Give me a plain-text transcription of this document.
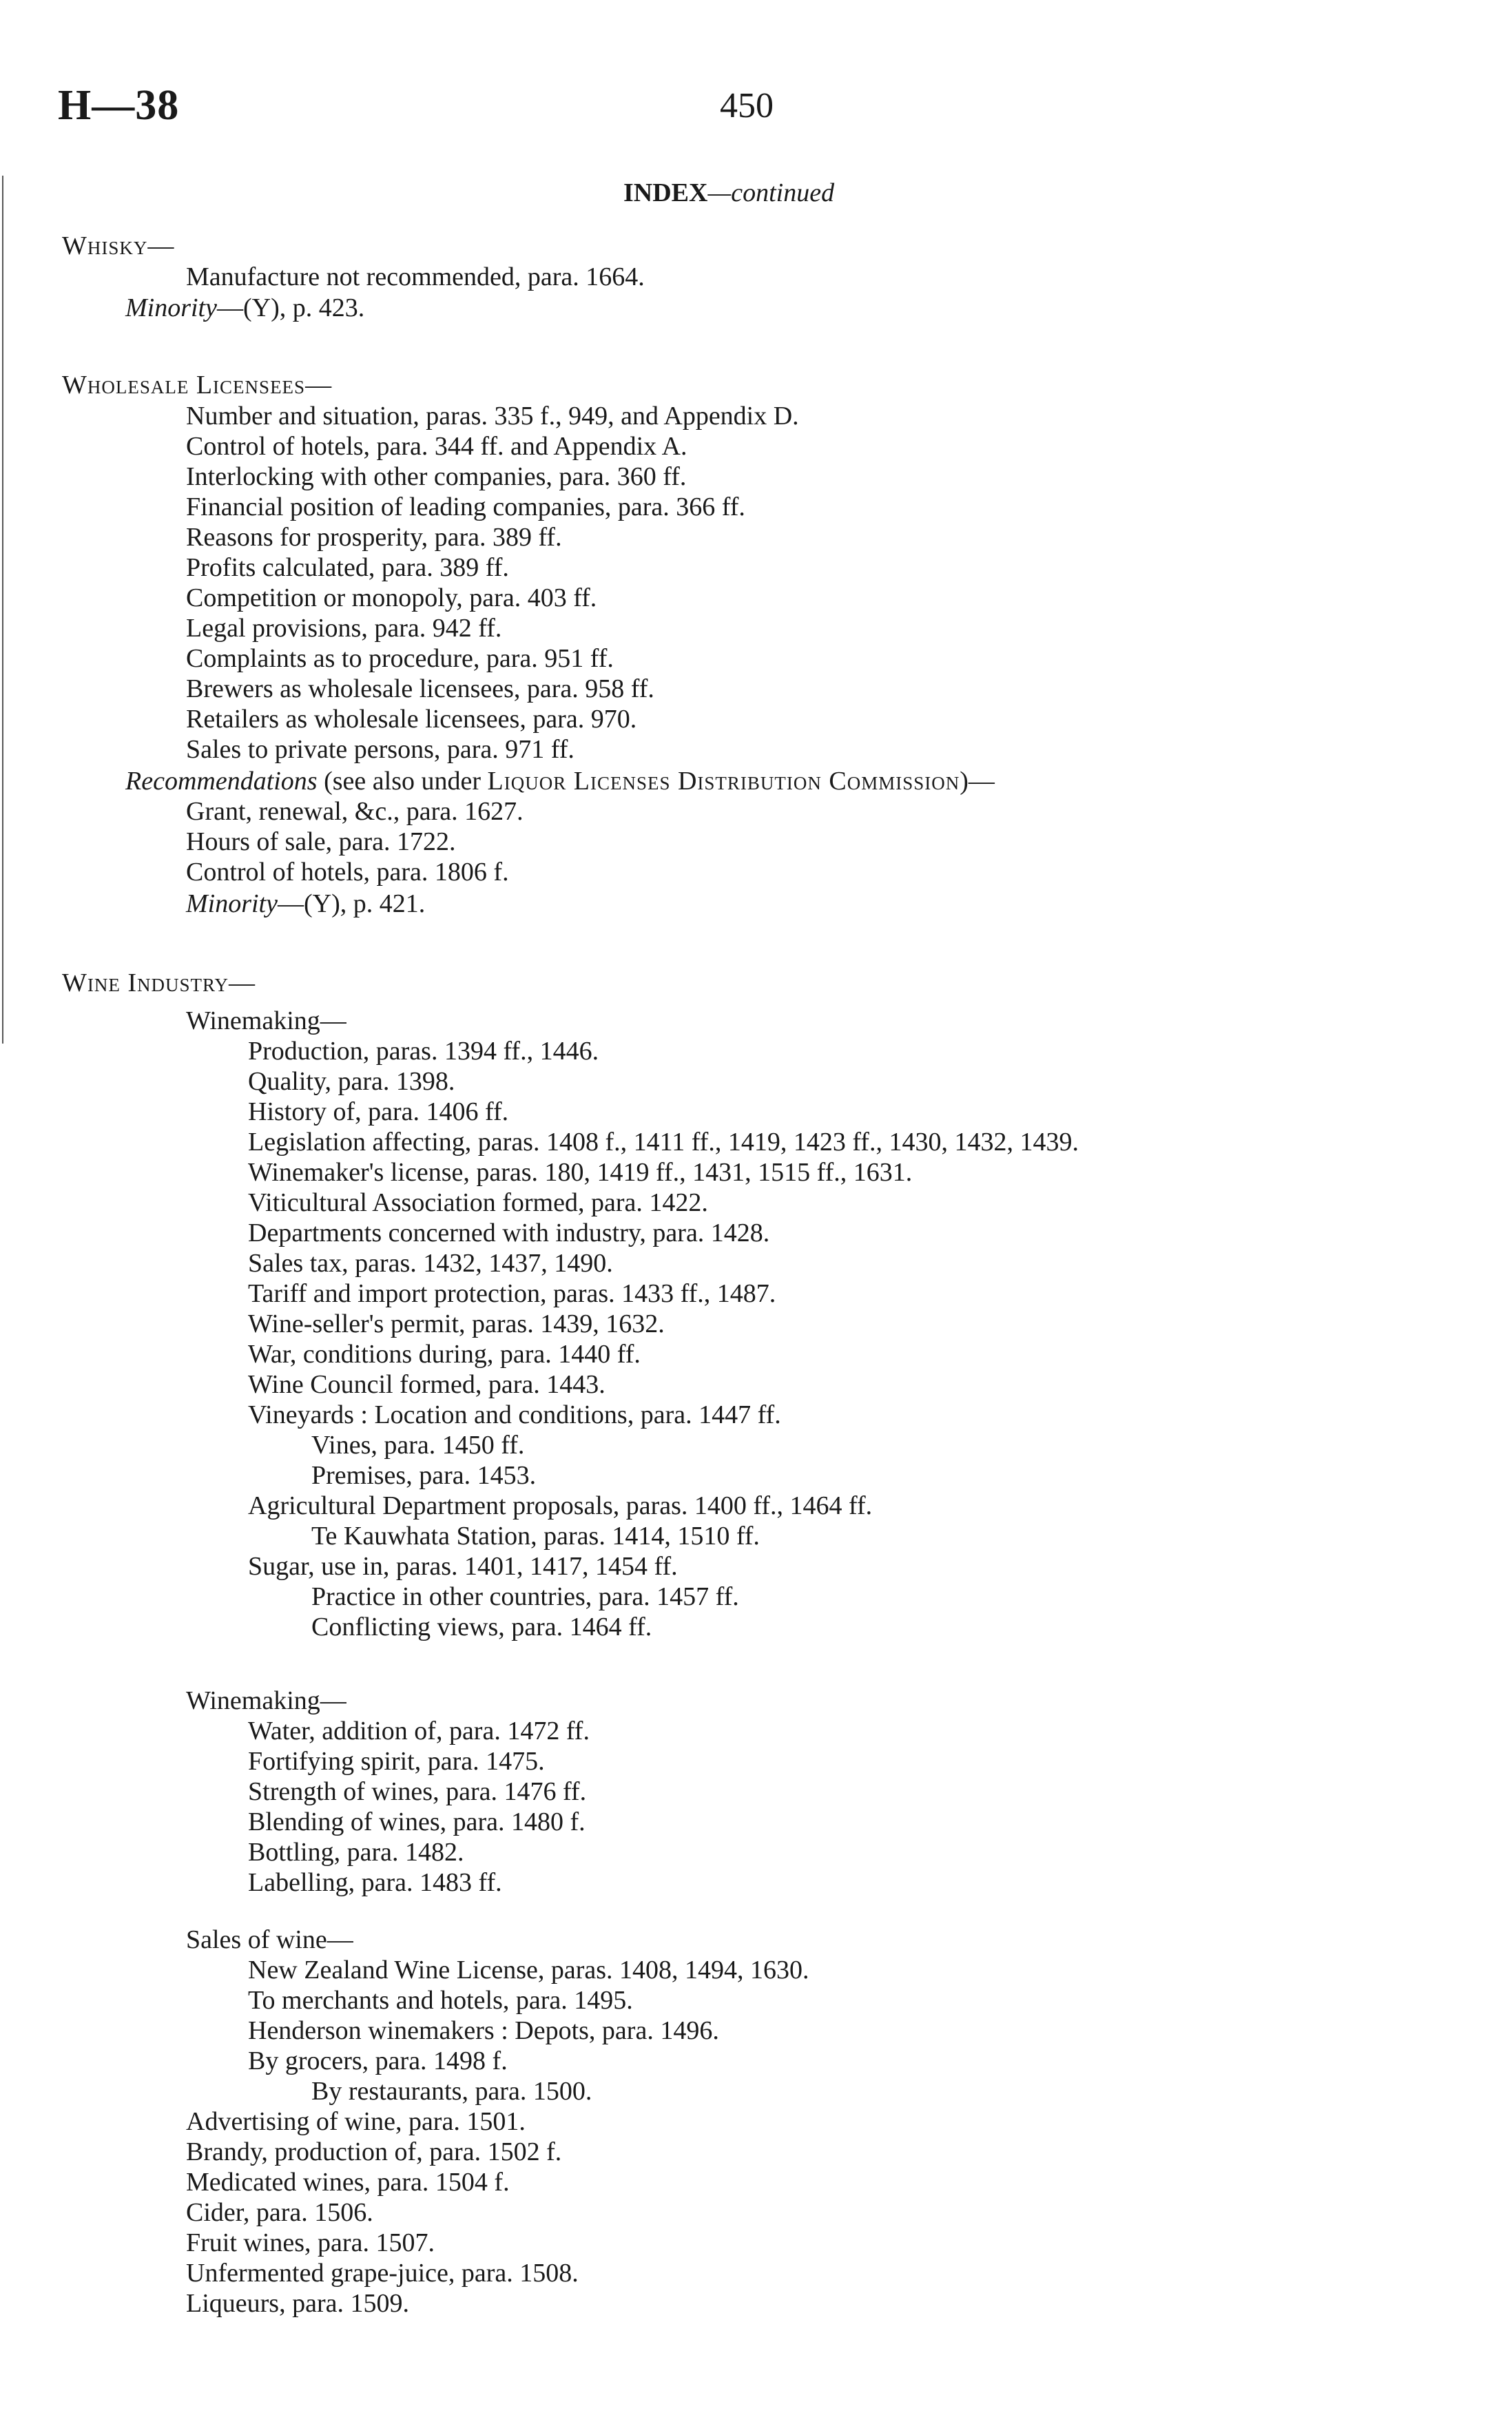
H—38	450
INDEX—continued
Whisky—
Manufacture not recommended, para. 1664.
Minority—(Y), p. 423.
Wholesale Licensees—
Number and situation, paras. 335 f., 949, and Appendix D.
Control of hotels, para. 344 ff. and Appendix A.
Interlocking with other companies, para. 360 ff.
Financial position of leading companies, para. 366 ff.
Reasons for prosperity, para. 389 ff.
Profits calculated, para. 389 ff.
Competition or monopoly, para. 403 ff.
Legal provisions, para. 942 ff.
Complaints as to procedure, para. 951 ff.
Brewers as wholesale licensees, para. 958 ff.
Retailers as wholesale licensees, para. 970.
Sales to private persons, para. 971 ff.
Recommendations (see also under Liquor Licenses Distribution Commission)—
Grant, renewal, &c., para. 1627.
Hours of sale, para. 1722.
Control of hotels, para. 1806 f.
Minority—(Y), p. 421.
Wine Industry—
Winemaking—
Production, paras. 1394 ff., 1446.
Quality, para. 1398.
History of, para. 1406 ff.
Legislation affecting, paras. 1408 f., 1411 ff., 1419, 1423 ff., 1430, 1432, 1439.
Winemaker's license, paras. 180, 1419 ff., 1431, 1515 ff., 1631.
Viticultural Association formed, para. 1422.
Departments concerned with industry, para. 1428.
Sales tax, paras. 1432, 1437, 1490.
Tariff and import protection, paras. 1433 ff., 1487.
Wine-seller's permit, paras. 1439, 1632.
War, conditions during, para. 1440 ff.
Wine Council formed, para. 1443.
Vineyards : Location and conditions, para. 1447 ff.
Vines, para. 1450 ff.
Premises, para. 1453.
Agricultural Department proposals, paras. 1400 ff., 1464 ff.
Te Kauwhata Station, paras. 1414, 1510 ff.
Sugar, use in, paras. 1401, 1417, 1454 ff.
Practice in other countries, para. 1457 ff.
Conflicting views, para. 1464 ff.
Winemaking—
Water, addition of, para. 1472 ff.
Fortifying spirit, para. 1475.
Strength of wines, para. 1476 ff.
Blending of wines, para. 1480 f.
Bottling, para. 1482.
Labelling, para. 1483 ff.
Sales of wine—
New Zealand Wine License, paras. 1408, 1494, 1630.
To merchants and hotels, para. 1495.
Henderson winemakers : Depots, para. 1496.
By grocers, para. 1498 f.
By restaurants, para. 1500.
Advertising of wine, para. 1501.
Brandy, production of, para. 1502 f.
Medicated wines, para. 1504 f.
Cider, para. 1506.
Fruit wines, para. 1507.
Unfermented grape-juice, para. 1508.
Liqueurs, para. 1509.
